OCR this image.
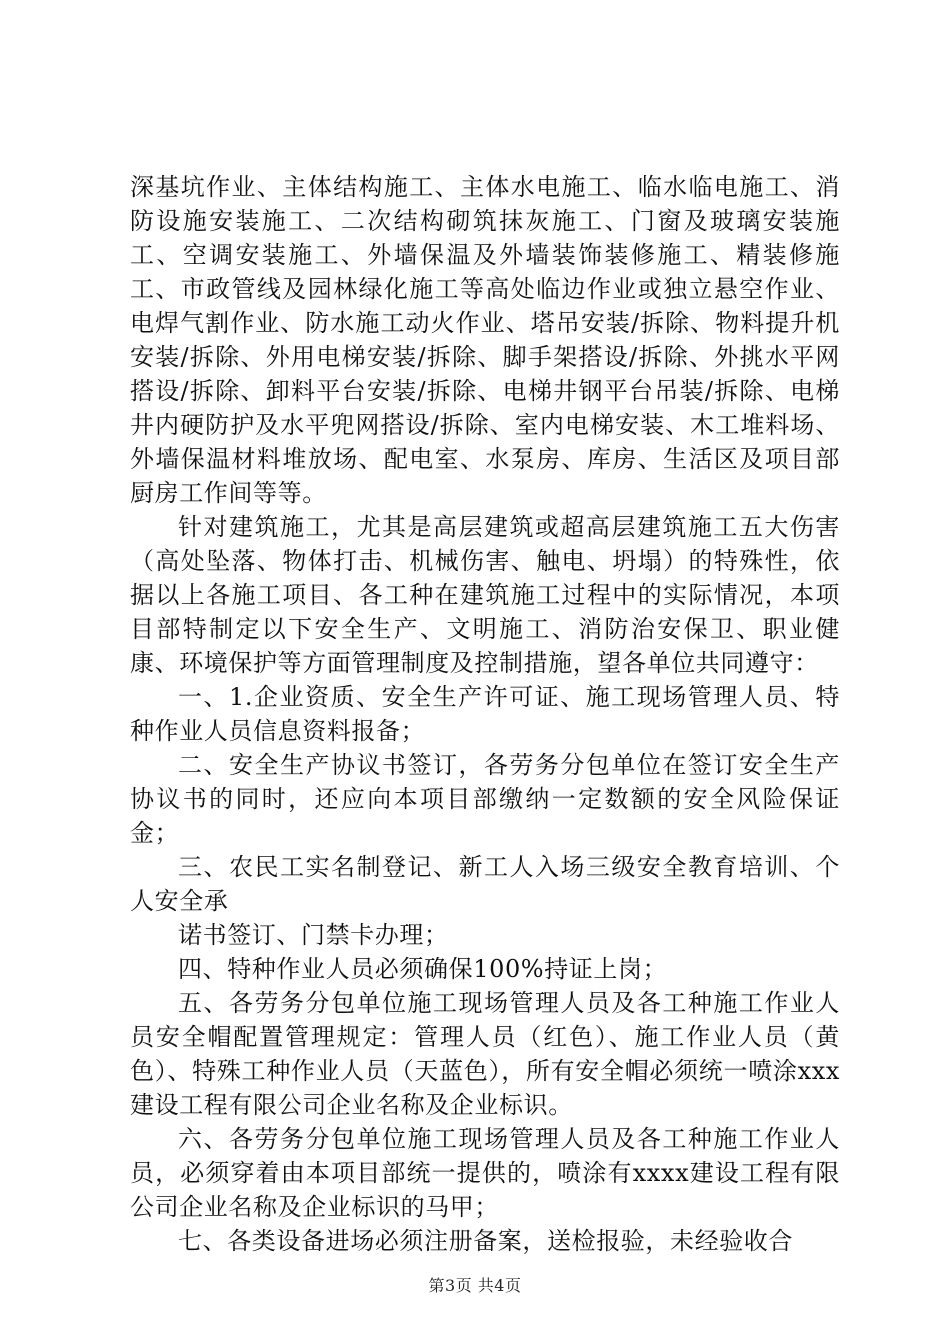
深基坑作业、主体结构施工、主体水电施工、临水临电施工、消防设施安装施工、二次结构砌筑抹灰施工、门窗及玻璃安装施工、空调安装施工、外墙保温及外墙装饰装修施工、精装修施工、市政管线及园林绿化施工等高处临边作业或独立悬空作业、电焊气割作业、防水施工动火作业、塔吊安装/拆除、物料提升机安装/拆除、外用电梯安装/拆除、脚手架搭设/拆除、外挑水平网搭设/拆除、卸料平台安装/拆除、电梯井钢平台吊装/拆除、电梯井内硬防护及水平兜网搭设/拆除、室内电梯安装、木工堆料场、外墙保温材料堆放场、配电室、水泵房、库房、生活区及项目部厨房工作间等等。

针对建筑施工，尤其是高层建筑或超高层建筑施工五大伤害（高处坠落、物体打击、机械伤害、触电、坍塌）的特殊性，依据以上各施工项目、各工种在建筑施工过程中的实际情况，本项目部特制定以下安全生产、文明施工、消防治安保卫、职业健康、环境保护等方面管理制度及控制措施，望各单位共同遵守：

一、1.企业资质、安全生产许可证、施工现场管理人员、特种作业人员信息资料报备；

二、安全生产协议书签订，各劳务分包单位在签订安全生产协议书的同时，还应向本项目部缴纳一定数额的安全风险保证金；

三、农民工实名制登记、新工人入场三级安全教育培训、个人安全承

诺书签订、门禁卡办理；

四、特种作业人员必须确保100%持证上岗；

五、各劳务分包单位施工现场管理人员及各工种施工作业人员安全帽配置管理规定：管理人员（红色）、施工作业人员（黄色）、特殊工种作业人员（天蓝色），所有安全帽必须统一喷涂xxx建设工程有限公司企业名称及企业标识。

六、各劳务分包单位施工现场管理人员及各工种施工作业人员，必须穿着由本项目部统一提供的，喷涂有xxxx建设工程有限公司企业名称及企业标识的马甲；

七、各类设备进场必须注册备案，送检报验，未经验收合

第3页 共4页
